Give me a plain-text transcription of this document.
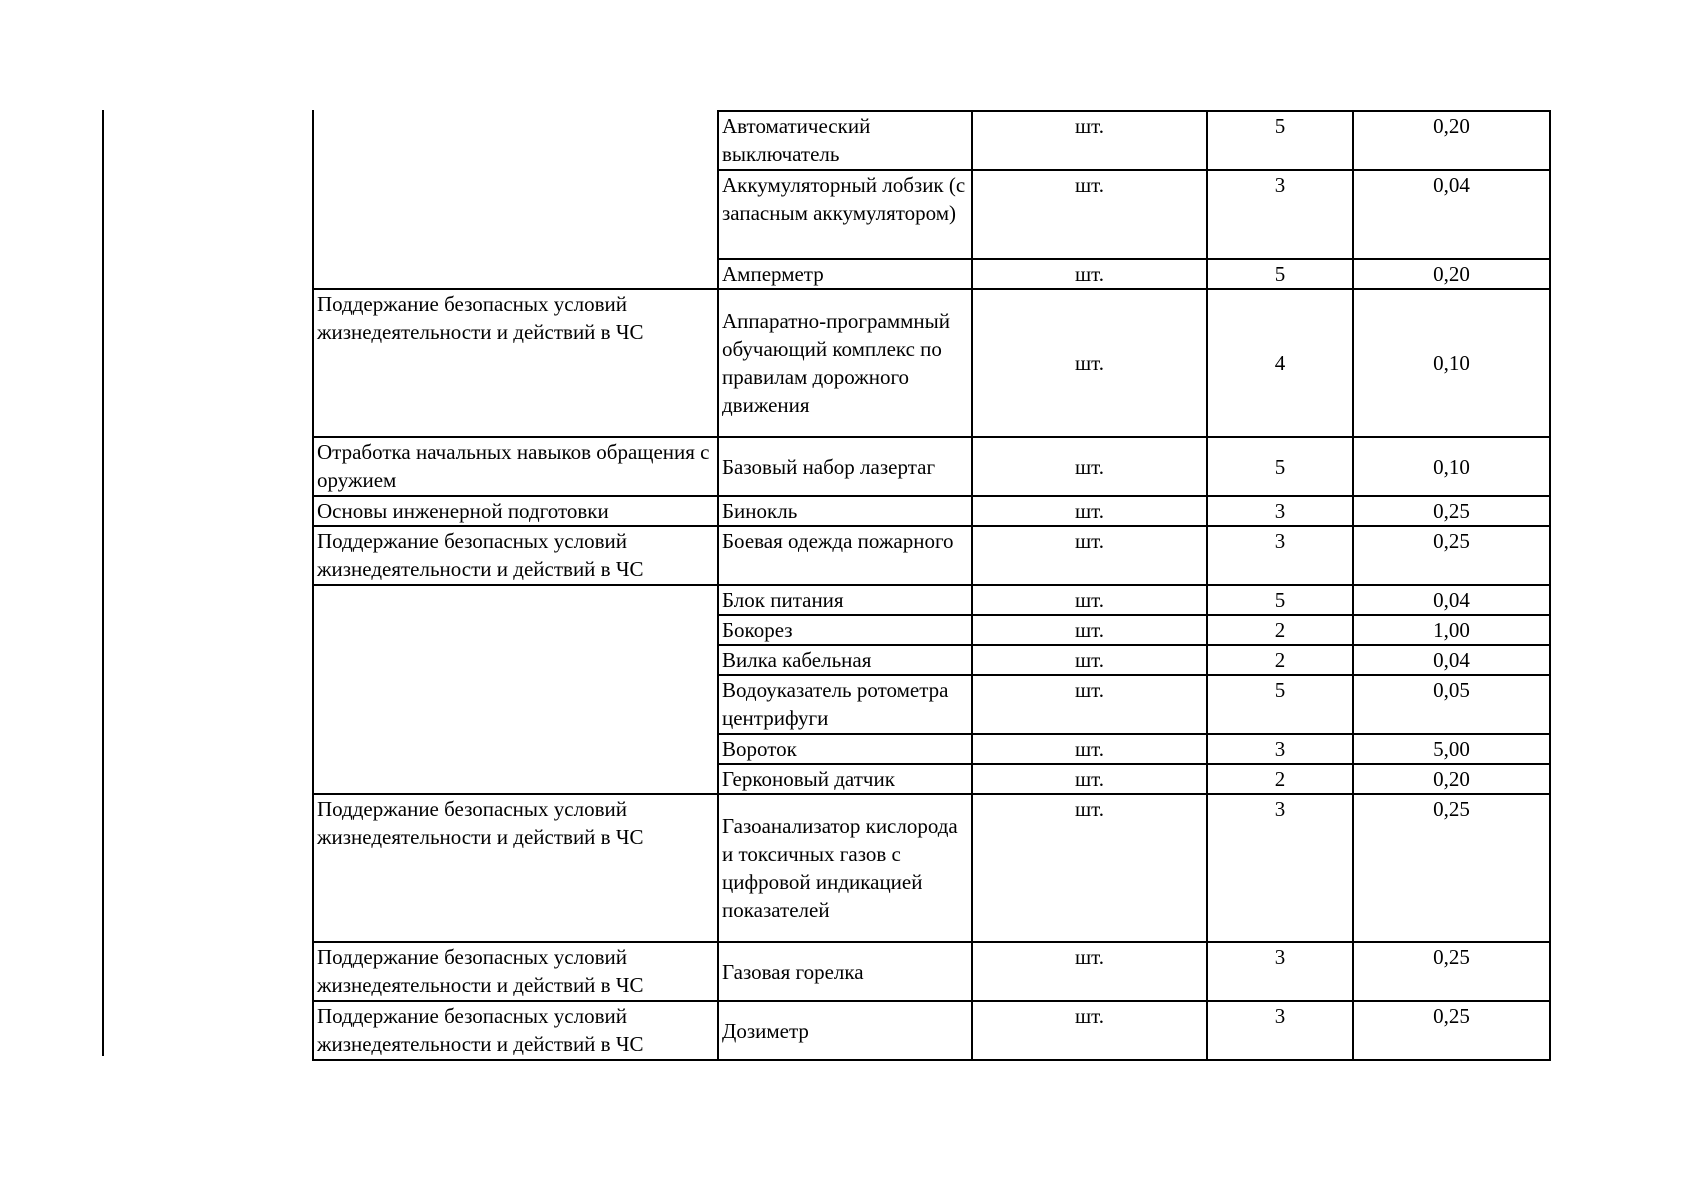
	Автоматический выключатель	шт.	5	0,20
	Аккумуляторный лобзик (с запасным аккумулятором)	шт.	3	0,04
	Амперметр	шт.	5	0,20
Поддержание безопасных условий жизнедеятельности и действий в ЧС	Аппаратно-программный обучающий комплекс по правилам дорожного движения	шт.	4	0,10
Отработка начальных навыков обращения с оружием	Базовый набор лазертаг	шт.	5	0,10
Основы инженерной подготовки	Бинокль	шт.	3	0,25
Поддержание безопасных условий жизнедеятельности и действий в ЧС	Боевая одежда пожарного	шт.	3	0,25
	Блок питания	шт.	5	0,04
	Бокорез	шт.	2	1,00
	Вилка кабельная	шт.	2	0,04
	Водоуказатель ротометра центрифуги	шт.	5	0,05
	Вороток	шт.	3	5,00
	Герконовый датчик	шт.	2	0,20
Поддержание безопасных условий жизнедеятельности и действий в ЧС	Газоанализатор кислорода и токсичных газов с цифровой индикацией показателей	шт.	3	0,25
Поддержание безопасных условий жизнедеятельности и действий в ЧС	Газовая горелка	шт.	3	0,25
Поддержание безопасных условий жизнедеятельности и действий в ЧС	Дозиметр	шт.	3	0,25
